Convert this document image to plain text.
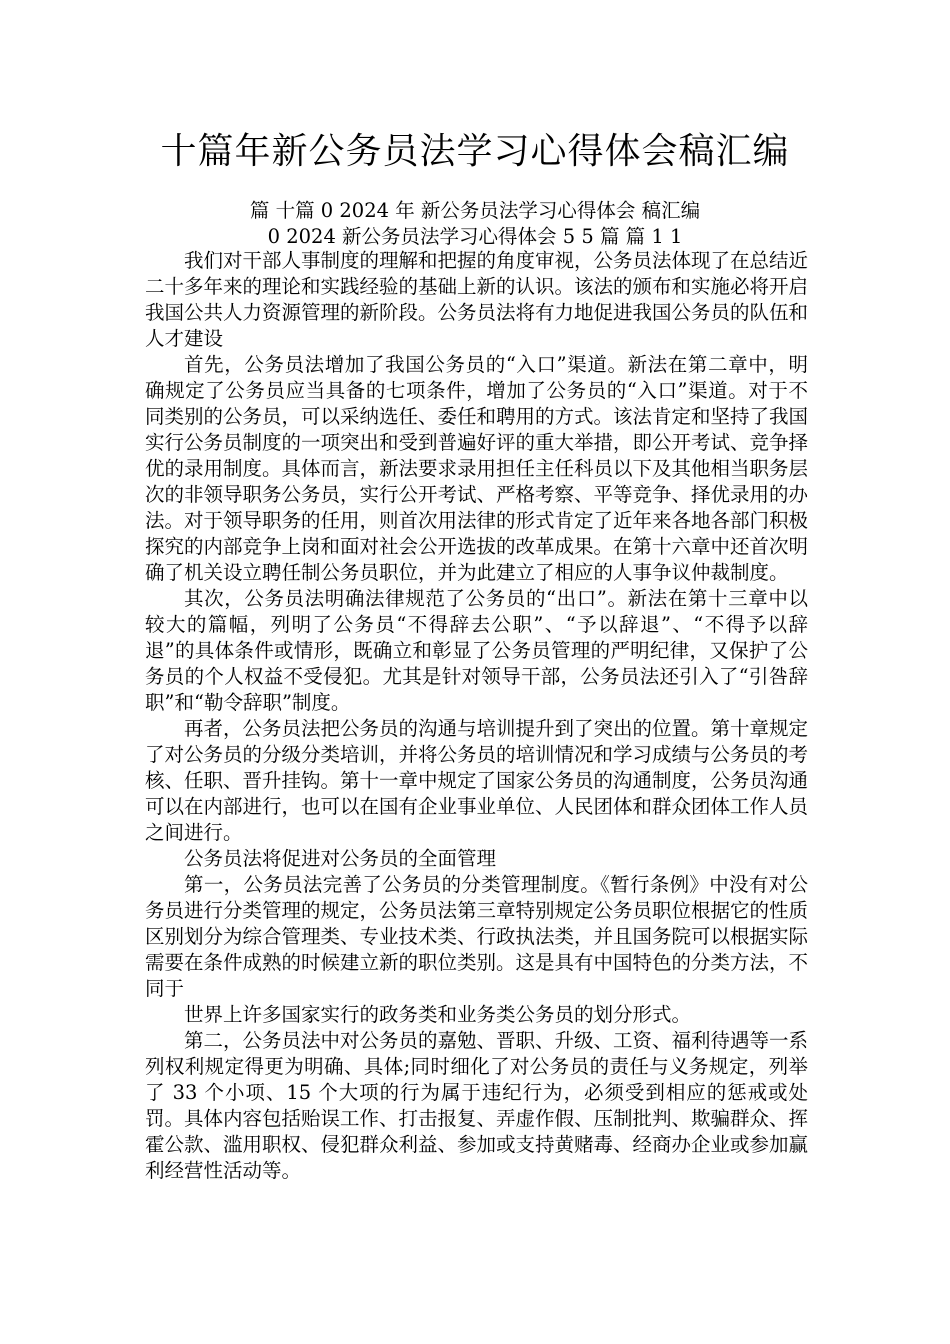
十篇年新公务员法学习心得体会稿汇编
篇 十篇 0 2024 年 新公务员法学习心得体会 稿汇编
0 2024 新公务员法学习心得体会 5 5 篇 篇 1 1

我们对干部人事制度的理解和把握的角度审视，公务员法体现了在总结近二十多年来的理论和实践经验的基础上新的认识。该法的颁布和实施必将开启我国公共人力资源管理的新阶段。公务员法将有力地促进我国公务员的队伍和人才建设

首先，公务员法增加了我国公务员的“入口”渠道。新法在第二章中，明确规定了公务员应当具备的七项条件，增加了公务员的“入口”渠道。对于不同类别的公务员，可以采纳选任、委任和聘用的方式。该法肯定和坚持了我国实行公务员制度的一项突出和受到普遍好评的重大举措，即公开考试、竞争择优的录用制度。具体而言，新法要求录用担任主任科员以下及其他相当职务层次的非领导职务公务员，实行公开考试、严格考察、平等竞争、择优录用的办法。对于领导职务的任用，则首次用法律的形式肯定了近年来各地各部门积极探究的内部竞争上岗和面对社会公开选拔的改革成果。在第十六章中还首次明确了机关设立聘任制公务员职位，并为此建立了相应的人事争议仲裁制度。

其次，公务员法明确法律规范了公务员的“出口”。新法在第十三章中以较大的篇幅，列明了公务员“不得辞去公职”、“予以辞退”、“不得予以辞退”的具体条件或情形，既确立和彰显了公务员管理的严明纪律，又保护了公务员的个人权益不受侵犯。尤其是针对领导干部，公务员法还引入了“引咎辞职”和“勒令辞职”制度。

再者，公务员法把公务员的沟通与培训提升到了突出的位置。第十章规定了对公务员的分级分类培训，并将公务员的培训情况和学习成绩与公务员的考核、任职、晋升挂钩。第十一章中规定了国家公务员的沟通制度，公务员沟通可以在内部进行，也可以在国有企业事业单位、人民团体和群众团体工作人员之间进行。

公务员法将促进对公务员的全面管理

第一，公务员法完善了公务员的分类管理制度。《暂行条例》中没有对公务员进行分类管理的规定，公务员法第三章特别规定公务员职位根据它的性质区别划分为综合管理类、专业技术类、行政执法类，并且国务院可以根据实际需要在条件成熟的时候建立新的职位类别。这是具有中国特色的分类方法，不同于

世界上许多国家实行的政务类和业务类公务员的划分形式。

第二，公务员法中对公务员的嘉勉、晋职、升级、工资、福利待遇等一系列权利规定得更为明确、具体;同时细化了对公务员的责任与义务规定，列举了 33 个小项、15 个大项的行为属于违纪行为，必须受到相应的惩戒或处罚。具体内容包括贻误工作、打击报复、弄虚作假、压制批判、欺骗群众、挥霍公款、滥用职权、侵犯群众利益、参加或支持黄赌毒、经商办企业或参加赢利经营性活动等。
